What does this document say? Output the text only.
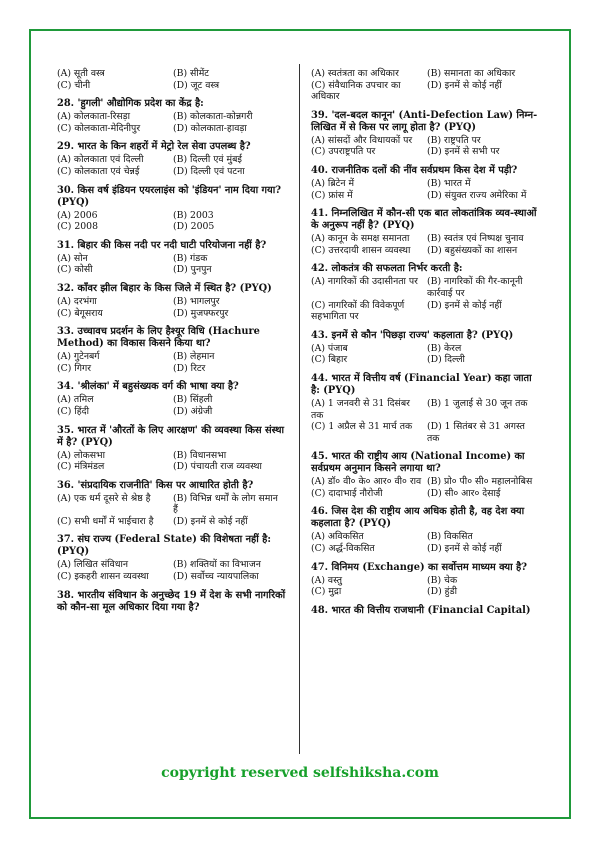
(A) सूती वस्त्र	(B) सीमेंट
(C) चीनी	(D) जूट वस्त्र
28. 'हुगली' औद्योगिक प्रदेश का केंद्र है:
(A) कोलकाता-रिसड़ा	(B) कोलकाता-कोन्नगरी
(C) कोलकाता-मेदिनीपुर	(D) कोलकाता-हावड़ा
29. भारत के किन शहरों में मेट्रो रेल सेवा उपलब्ध है?
(A) कोलकाता एवं दिल्ली	(B) दिल्ली एवं मुंबई
(C) कोलकाता एवं चेन्नई	(D) दिल्ली एवं पटना
30. किस वर्ष इंडियन एयरलाइंस को 'इंडियन' नाम दिया गया? (PYQ)
(A) 2006	(B) 2003
(C) 2008	(D) 2005
31. बिहार की किस नदी पर नदी घाटी परियोजना नहीं है?
(A) सोन	(B) गंडक
(C) कोसी	(D) पुनपुन
32. काँवर झील बिहार के किस जिले में स्थित है? (PYQ)
(A) दरभंगा	(B) भागलपुर
(C) बेगूसराय	(D) मुजफ्फरपुर
33. उच्चावच प्रदर्शन के लिए हैश्यूर विधि (Hachure Method) का विकास किसने किया था?
(A) गुटेनबर्ग	(B) लेहमान
(C) गिगर	(D) रिटर
34. 'श्रीलंका' में बहुसंख्यक वर्ग की भाषा क्या है?
(A) तमिल	(B) सिंहली
(C) हिंदी	(D) अंग्रेजी
35. भारत में 'औरतों के लिए आरक्षण' की व्यवस्था किस संस्था में है? (PYQ)
(A) लोकसभा	(B) विधानसभा
(C) मंत्रिमंडल	(D) पंचायती राज व्यवस्था
36. 'संप्रदायिक राजनीति' किस पर आधारित होती है?
(A) एक धर्म दूसरे से श्रेष्ठ है	(B) विभिन्न धर्मों के लोग समान हैं
(C) सभी धर्मों में भाईचारा है	(D) इनमें से कोई नहीं
37. संघ राज्य (Federal State) की विशेषता नहीं है: (PYQ)
(A) लिखित संविधान	(B) शक्तियों का विभाजन
(C) इकहरी शासन व्यवस्था	(D) सर्वोच्च न्यायपालिका
38. भारतीय संविधान के अनुच्छेद 19 में देश के सभी नागरिकों को कौन-सा मूल अधिकार दिया गया है?
(A) स्वतंत्रता का अधिकार	(B) समानता का अधिकार
(C) संवैधानिक उपचार का अधिकार
(D) इनमें से कोई नहीं
39. 'दल-बदल कानून' (Anti-Defection Law) निम्न-लिखित में से किस पर लागू होता है? (PYQ)
(A) सांसदों और विधायकों पर	(B) राष्ट्रपति पर
(C) उपराष्ट्रपति पर	(D) इनमें से सभी पर
40. राजनीतिक दलों की नींव सर्वप्रथम किस देश में पड़ी?
(A) ब्रिटेन में	(B) भारत में
(C) फ्रांस में	(D) संयुक्त राज्य अमेरिका में
41. निम्नलिखित में कौन-सी एक बात लोकतांत्रिक व्यव-स्थाओं के अनुरूप नहीं है? (PYQ)
(A) कानून के समक्ष समानता	(B) स्वतंत्र एवं निष्पक्ष चुनाव
(C) उत्तरदायी शासन व्यवस्था	(D) बहुसंख्यकों का शासन
42. लोकतंत्र की सफलता निर्भर करती है:
(A) नागरिकों की उदासीनता पर (B) नागरिकों की गैर-कानूनी कार्रवाई पर
(C) नागरिकों की विवेकपूर्ण सहभागिता पर
(D) इनमें से कोई नहीं
43. इनमें से कौन 'पिछड़ा राज्य' कहलाता है? (PYQ)
(A) पंजाब	(B) केरल
(C) बिहार	(D) दिल्ली
44. भारत में वित्तीय वर्ष (Financial Year) कहा जाता है: (PYQ)
(A) 1 जनवरी से 31 दिसंबर तक
(B) 1 जुलाई से 30 जून तक
(C) 1 अप्रैल से 31 मार्च तक	(D) 1 सितंबर से 31 अगस्त तक
45. भारत की राष्ट्रीय आय (National Income) का सर्वप्रथम अनुमान किसने लगाया था?
(A) डॉ० वी० के० आर० वी० राव (B) प्रो० पी० सी० महालनोबिस
(C) दादाभाई नौरोजी	(D) सी० आर० देसाई
46. जिस देश की राष्ट्रीय आय अधिक होती है, वह देश क्या कहलाता है? (PYQ)
(A) अविकसित	(B) विकसित
(C) अर्द्ध-विकसित	(D) इनमें से कोई नहीं
47. विनिमय (Exchange) का सर्वोत्तम माध्यम क्या है?
(A) वस्तु	(B) चेक
(C) मुद्रा	(D) हुंडी
48. भारत की वित्तीय राजधानी (Financial Capital)
copyright reserved selfshiksha.com
